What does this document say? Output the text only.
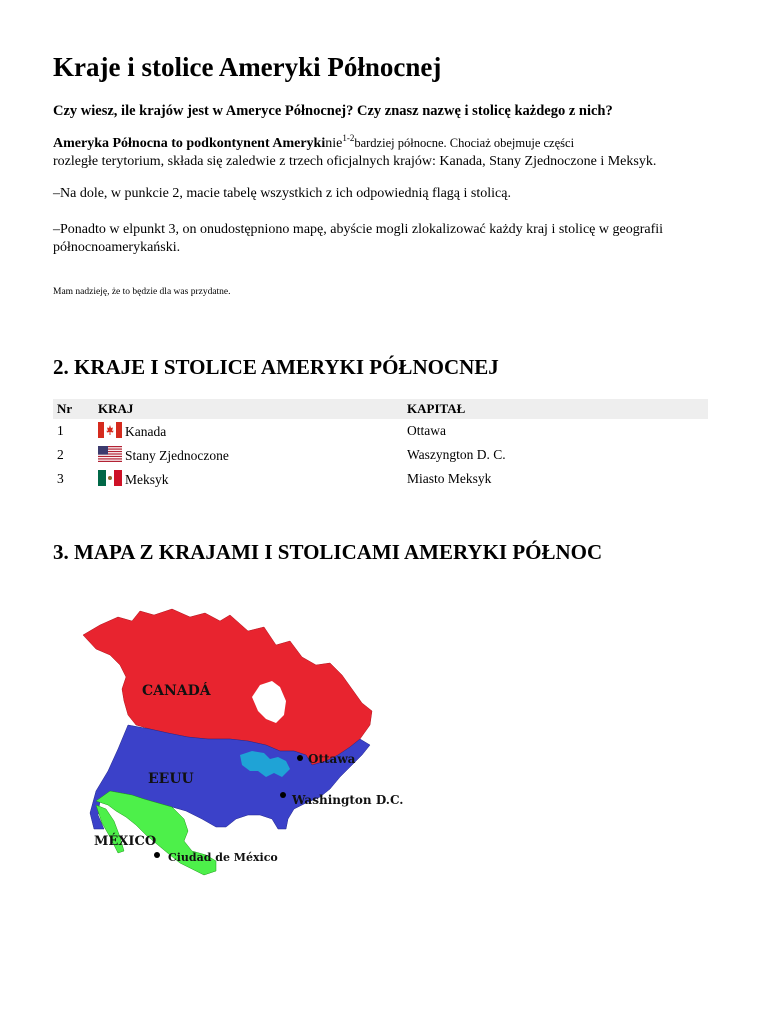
Kraje i stolice Ameryki Północnej
Czy wiesz, ile krajów jest w Ameryce Północnej? Czy znasz nazwę i stolicę każdego z nich?
Ameryka Północna to podkontynent Amerykinie$^{1-2}$bardziej północne. Chociaż obejmuje części
rozległe terytorium, składa się zaledwie z trzech oficjalnych krajów: Kanada, Stany Zjednoczone i Meksyk.
–Na dole, w punkcie 2, macie tabelę wszystkich z ich odpowiednią flagą i stolicą.
–Ponadto w elpunkt 3, on onudostępniono mapę, abyście mogli zlokalizować każdy kraj i stolicę w geografii północnoamerykański.
Mam nadzieję, że to będzie dla was przydatne.
2. KRAJE I STOLICE AMERYKI PÓŁNOCNEJ
Nr	KRAJ	KAPITAŁ
1	Kanada	Ottawa
2	Stany Zjednoczone	Waszyngton D. C.
3	Meksyk	Miasto Meksyk
3. MAPA Z KRAJAMI I STOLICAMI AMERYKI PÓŁNOC
CANADÁ
EEUU
MÉXICO
Ottawa
Washington D.C.
Ciudad de México
